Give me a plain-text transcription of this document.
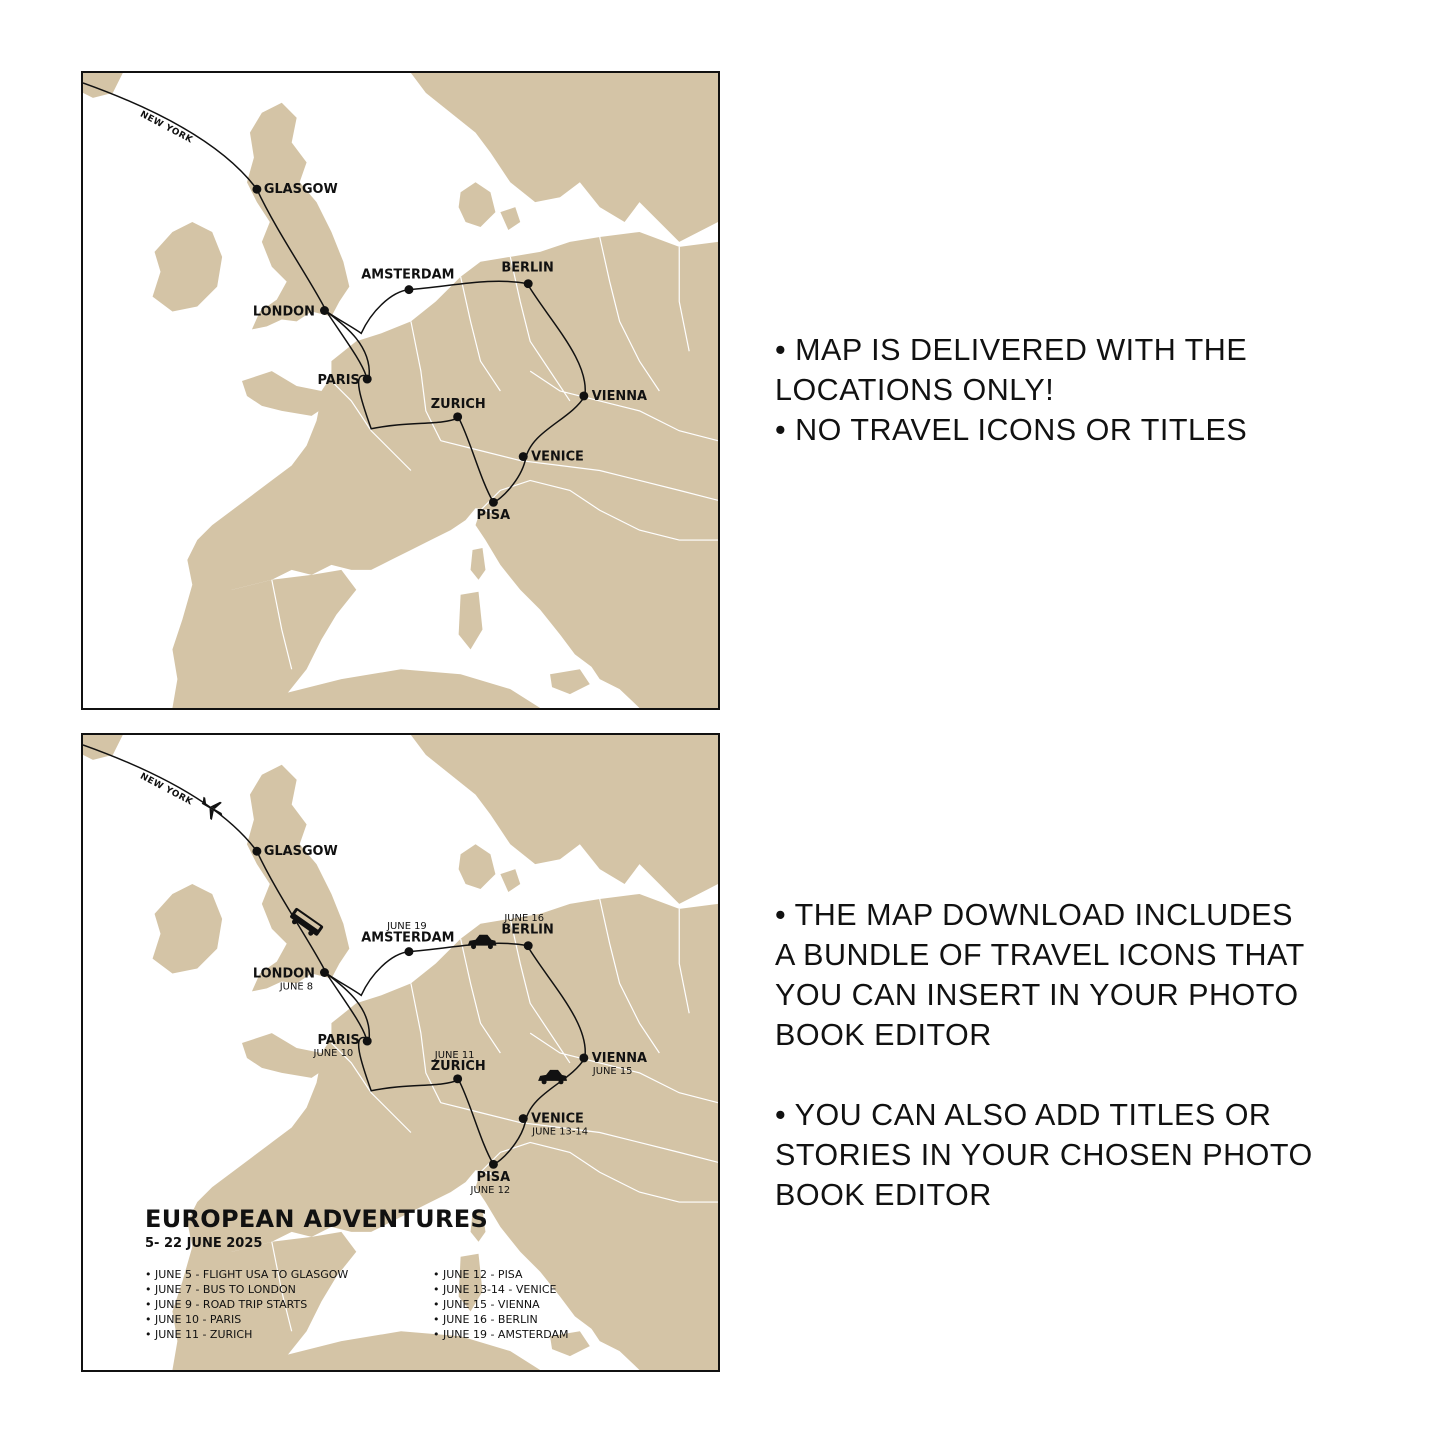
NEW YORK
GLASGOW
LONDON
AMSTERDAM	BERLIN
PARIS
ZURICH
VIENNA
VENICE
PISA
NEW YORK
GLASGOW
LONDON
JUNE 8
JUNE 19
AMSTERDAM
JUNE 16
BERLIN
PARIS
JUNE 10	JUNE 11
ZURICH
VIENNA
JUNE 15
VENICE
JUNE 13-14
PISA
JUNE 12

EUROPEAN ADVENTURES

5- 22 JUNE 2025

• JUNE 5 - FLIGHT USA TO GLASGOW
• JUNE 7 - BUS TO LONDON
• JUNE 9 - ROAD TRIP STARTS
• JUNE 10 - PARIS
• JUNE 11 - ZURICH
• JUNE 12 - PISA
• JUNE 13-14 - VENICE
• JUNE 15 - VIENNA
• JUNE 16 - BERLIN
• JUNE 19 - AMSTERDAM

• MAP IS DELIVERED WITH THE

LOCATIONS ONLY!

• NO TRAVEL ICONS OR TITLES

• THE MAP DOWNLOAD INCLUDES

A BUNDLE OF TRAVEL ICONS THAT

YOU CAN INSERT IN YOUR PHOTO

BOOK EDITOR

• YOU CAN ALSO ADD TITLES OR

STORIES IN YOUR CHOSEN PHOTO

BOOK EDITOR
